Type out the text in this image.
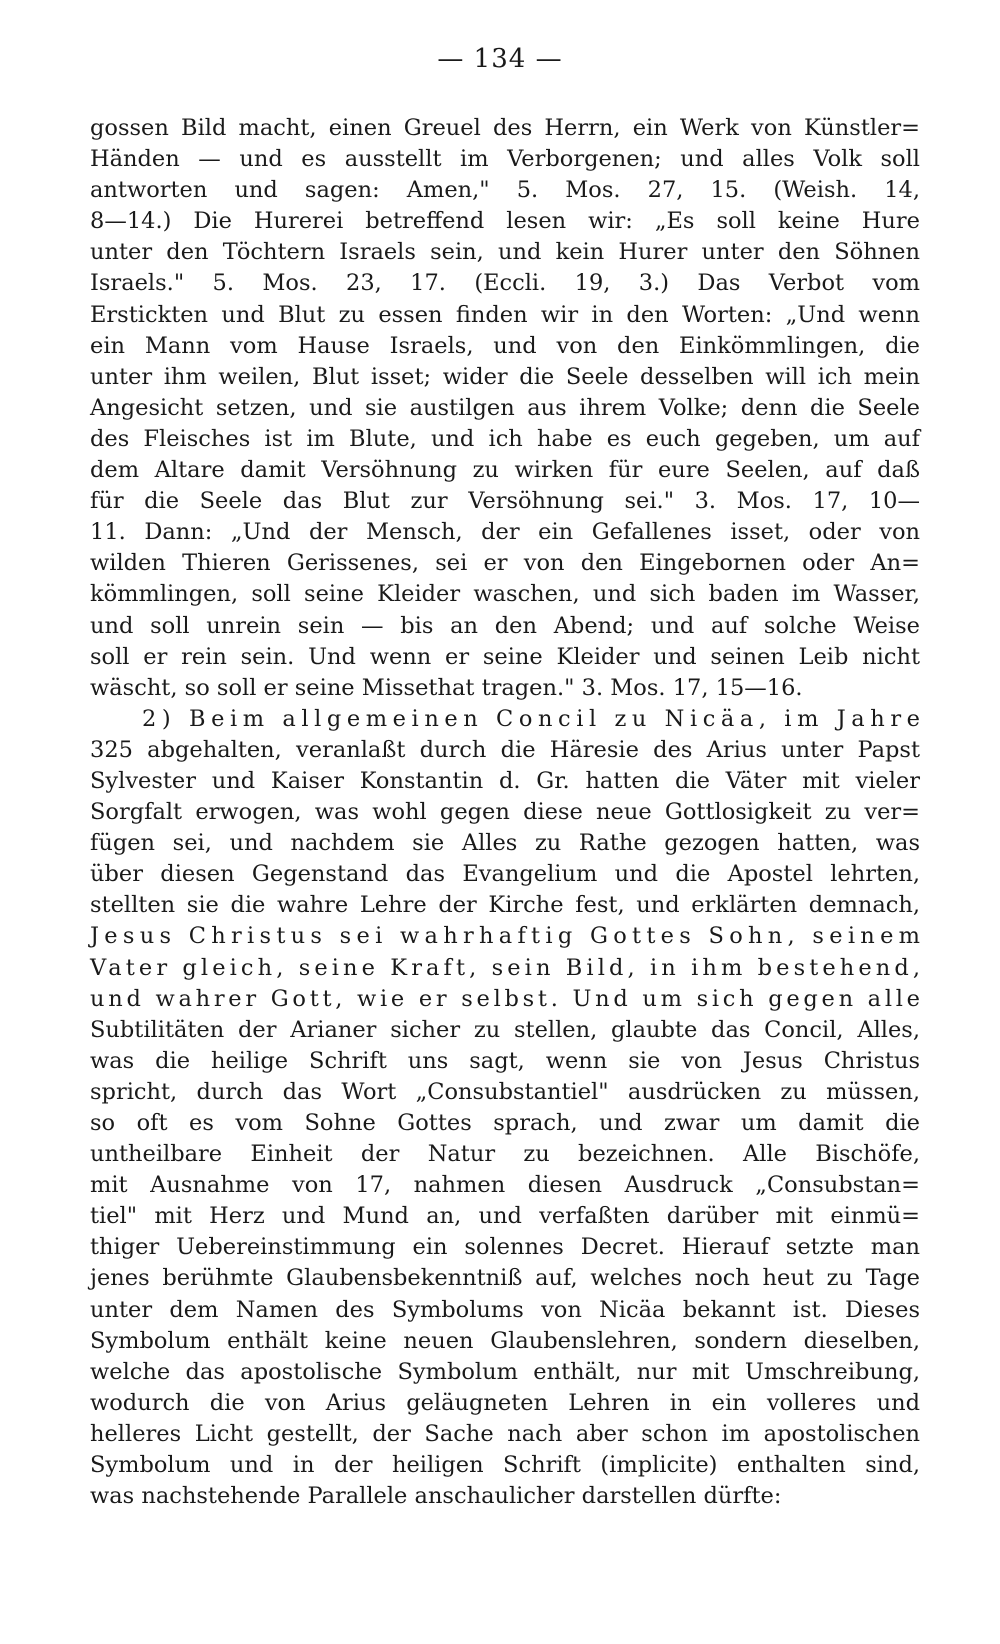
— 134 —
gossen Bild macht, einen Greuel des Herrn, ein Werk von Künstler=
Händen — und es ausstellt im Verborgenen; und alles Volk soll
antworten und sagen: Amen," 5. Mos. 27, 15. (Weish. 14,
8—14.) Die Hurerei betreffend lesen wir: „Es soll keine Hure
unter den Töchtern Israels sein, und kein Hurer unter den Söhnen
Israels." 5. Mos. 23, 17. (Eccli. 19, 3.) Das Verbot vom
Erstickten und Blut zu essen finden wir in den Worten: „Und wenn
ein Mann vom Hause Israels, und von den Einkömmlingen, die
unter ihm weilen, Blut isset; wider die Seele desselben will ich mein
Angesicht setzen, und sie austilgen aus ihrem Volke; denn die Seele
des Fleisches ist im Blute, und ich habe es euch gegeben, um auf
dem Altare damit Versöhnung zu wirken für eure Seelen, auf daß
für die Seele das Blut zur Versöhnung sei." 3. Mos. 17, 10—
11. Dann: „Und der Mensch, der ein Gefallenes isset, oder von
wilden Thieren Gerissenes, sei er von den Eingebornen oder An=
kömmlingen, soll seine Kleider waschen, und sich baden im Wasser,
und soll unrein sein — bis an den Abend; und auf solche Weise
soll er rein sein. Und wenn er seine Kleider und seinen Leib nicht
wäscht, so soll er seine Missethat tragen." 3. Mos. 17, 15—16.
2) Beim allgemeinen Concil zu Nicäa, im Jahre
325 abgehalten, veranlaßt durch die Häresie des Arius unter Papst
Sylvester und Kaiser Konstantin d. Gr. hatten die Väter mit vieler
Sorgfalt erwogen, was wohl gegen diese neue Gottlosigkeit zu ver=
fügen sei, und nachdem sie Alles zu Rathe gezogen hatten, was
über diesen Gegenstand das Evangelium und die Apostel lehrten,
stellten sie die wahre Lehre der Kirche fest, und erklärten demnach,
Jesus Christus sei wahrhaftig Gottes Sohn, seinem
Vater gleich, seine Kraft, sein Bild, in ihm bestehend,
und wahrer Gott, wie er selbst. Und um sich gegen alle
Subtilitäten der Arianer sicher zu stellen, glaubte das Concil, Alles,
was die heilige Schrift uns sagt, wenn sie von Jesus Christus
spricht, durch das Wort „Consubstantiel" ausdrücken zu müssen,
so oft es vom Sohne Gottes sprach, und zwar um damit die
untheilbare Einheit der Natur zu bezeichnen. Alle Bischöfe,
mit Ausnahme von 17, nahmen diesen Ausdruck „Consubstan=
tiel" mit Herz und Mund an, und verfaßten darüber mit einmü=
thiger Uebereinstimmung ein solennes Decret. Hierauf setzte man
jenes berühmte Glaubensbekenntniß auf, welches noch heut zu Tage
unter dem Namen des Symbolums von Nicäa bekannt ist. Dieses
Symbolum enthält keine neuen Glaubenslehren, sondern dieselben,
welche das apostolische Symbolum enthält, nur mit Umschreibung,
wodurch die von Arius geläugneten Lehren in ein volleres und
helleres Licht gestellt, der Sache nach aber schon im apostolischen
Symbolum und in der heiligen Schrift (implicite) enthalten sind,
was nachstehende Parallele anschaulicher darstellen dürfte:
